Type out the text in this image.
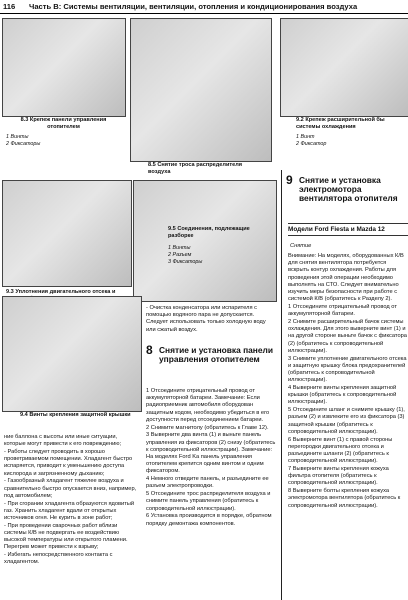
116	Часть B: Системы вентиляции, вентиляции, отопления и кондиционирования воздуха
8.3 Крепеж панели управления отопителем
1 Винты
2 Фиксаторы
8.5 Снятие троса распределителя воздуха
9.2 Крепеж расширительной бы системы охлаждения
1 Винт
2 Фиксатор
9.3 Уплотнения двигательного отсека и
9.5 Соединения, подлежащие разборке
1 Винты
2 Разъем
3 Фиксаторы
9.4 Винты крепления защитной крышки

ние баллона с высоты или иные ситуации, которые могут привести к его повреждению;

- Работы следует проводить в хорошо проветриваемом помещении. Хладагент быстро испаряется, приводит к уменьшению доступа кислорода и загрязненному дыханию;

- Газообразный хладагент тяжелее воздуха и сравнительно быстро опускается вниз, например, под автомобилем;

- При сгорании хладагента образуются ядовитый газ. Хранить хладагент вдали от открытых источников огня. Не курить в зоне работ;

- При проведении сварочных работ вблизи системы К/В не подвергать ее воздействию высокой температуры или открытого пламени. Перегрев может привести к взрыву;

- Избегать непосредственного контакта с хладагентом.

- Очистка конденсатора или испарителя с помощью водяного пара не допускается. Следует использовать только холодную воду или сжатый воздух.
8 Снятие и установка панели управления отопителем

1 Отсоедините отрицательный провод от аккумуляторной батареи. Замечание: Если радиоприемник автомобиля оборудован защитным кодом, необходимо убедиться в его доступности перед отсоединением батареи.

2 Снимите магнитолу (обратитесь к Главе 12).

3 Выверните два винта (1) и выньте панель управления из фиксаторов (2) снизу (обратитесь к сопроводительной иллюстрации). Замечание: На моделях Ford Ka панель управления отопителем крепится одним винтом и одним фиксатором.

4 Немного отведите панель, и разъедините ее разъем электропроводки.

5 Отсоедините трос распределителя воздуха и снимите панель управления (обратитесь к сопроводительной иллюстрации).

6 Установка производится в порядке, обратном порядку демонтажа компонентов.

9 Снятие и установка электромотора вентилятора отопителя
Модели Ford Fiesta и Mazda 12
Снятие

Внимание: На моделях, оборудованных К/В для снятия вентилятора потребуется вскрыть контур охлаждения. Работы для проведения этой операции необходимо выполнять на СТО. Следует внимательно изучить меры безопасности при работе с системой К/В (обратитесь к Разделу 2).

1 Отсоедините отрицательный провод от аккумуляторной батареи.

2 Снимите расширительный бачок системы охлаждения. Для этого выверните винт (1) и на другой стороне выньте бачок с фиксатора (2) (обратитесь к сопроводительной иллюстрации).

3 Снимите уплотнение двигательного отсека и защитную крышку блока предохранителей (обратитесь к сопроводительной иллюстрации).

4 Выверните винты крепления защитной крышки (обратитесь к сопроводительной иллюстрации).

5 Отсоедините шланг и снимите крышку (1), разъем (2) и извлеките его из фиксатора (3) защитной крышки (обратитесь к сопроводительной иллюстрации).

6 Выверните винт (1) с правой стороны перегородки двигательного отсека и разъедините шланги (2) (обратитесь к сопроводительной иллюстрации).

7 Выверните винты крепления кожуха фильтра отопителя (обратитесь к сопроводительной иллюстрации).

8 Выверните болты крепления кожуха электромотора вентилятора (обратитесь к сопроводительной иллюстрации).
